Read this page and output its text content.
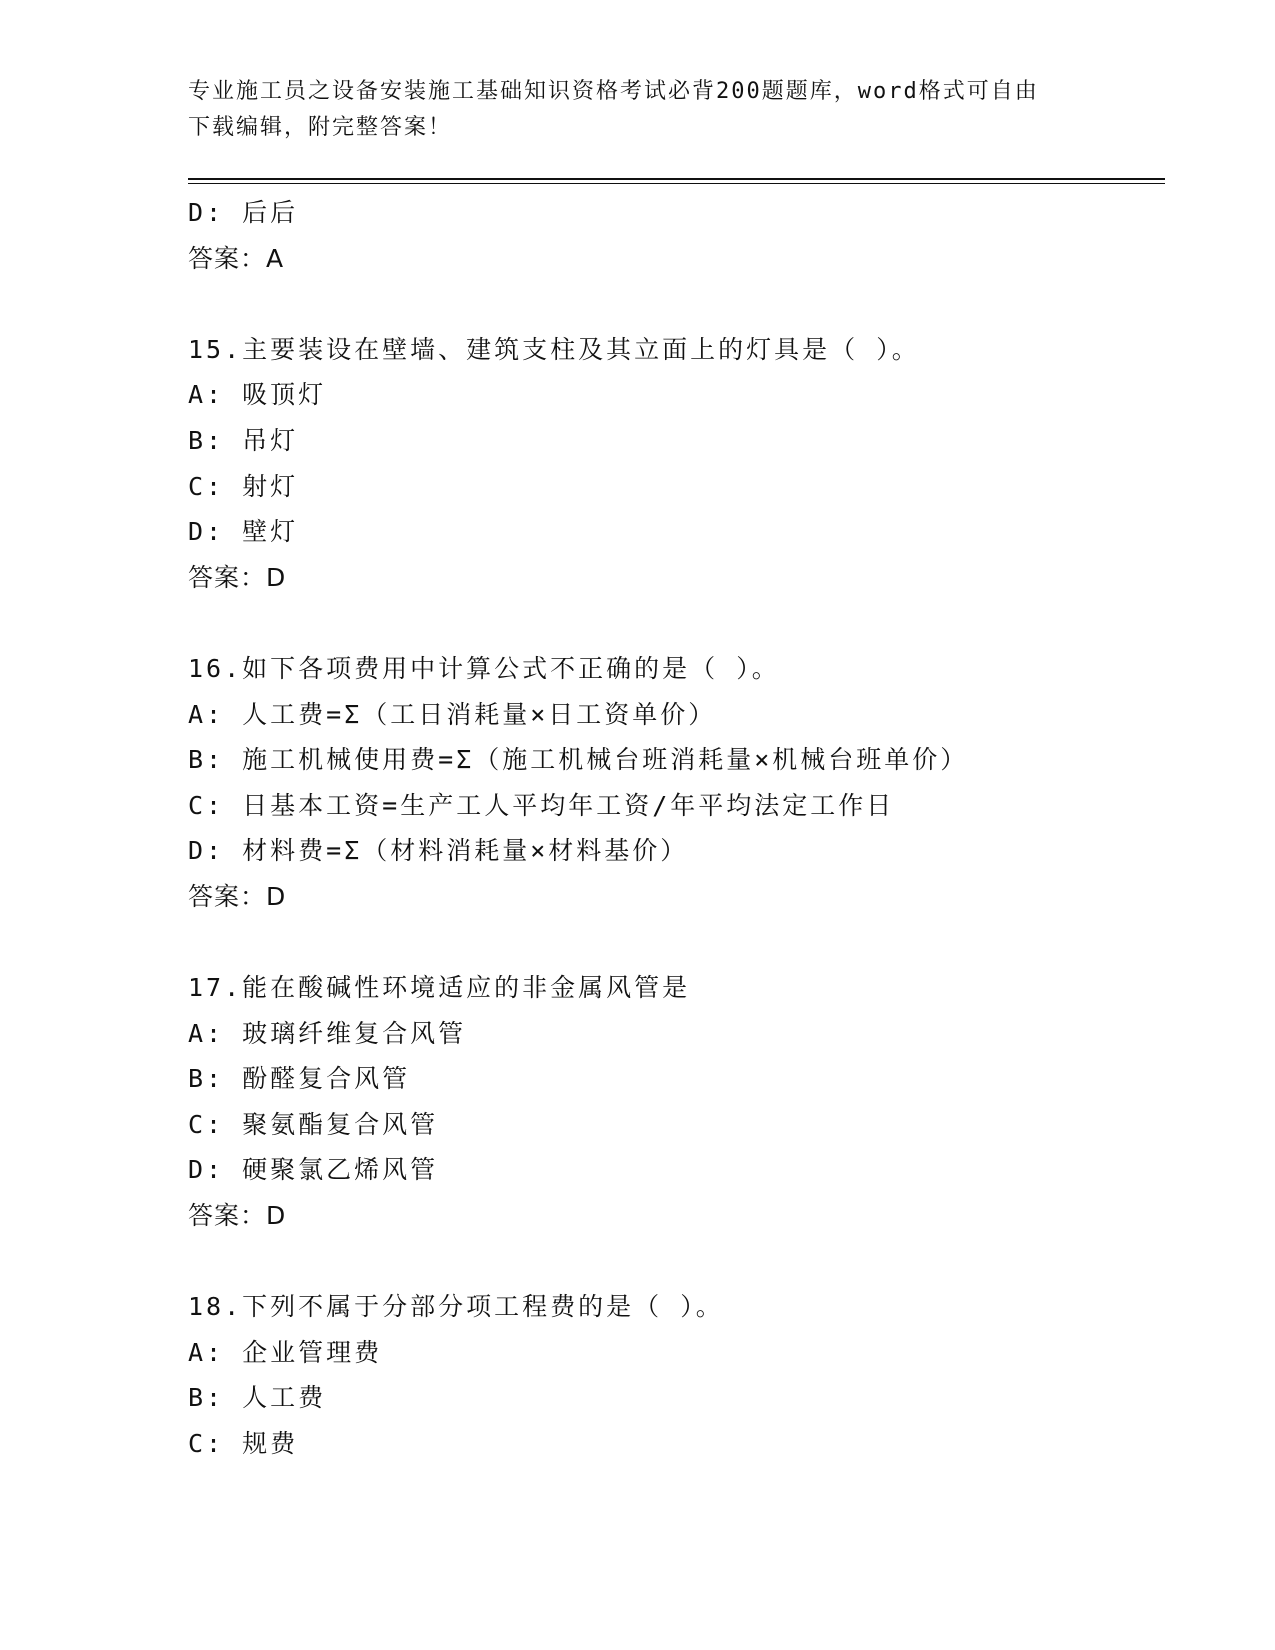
专业施工员之设备安装施工基础知识资格考试必背200题题库，word格式可自由
下载编辑，附完整答案！
D: 后后
答案：A
15.主要装设在壁墙、建筑支柱及其立面上的灯具是（ ）。
A: 吸顶灯
B: 吊灯
C: 射灯
D: 壁灯
答案：D
16.如下各项费用中计算公式不正确的是（ ）。
A: 人工费=Σ（工日消耗量×日工资单价）
B: 施工机械使用费=Σ（施工机械台班消耗量×机械台班单价）
C: 日基本工资=生产工人平均年工资/年平均法定工作日
D: 材料费=Σ（材料消耗量×材料基价）
答案：D
17.能在酸碱性环境适应的非金属风管是
A: 玻璃纤维复合风管
B: 酚醛复合风管
C: 聚氨酯复合风管
D: 硬聚氯乙烯风管
答案：D
18.下列不属于分部分项工程费的是（ ）。
A: 企业管理费
B: 人工费
C: 规费
